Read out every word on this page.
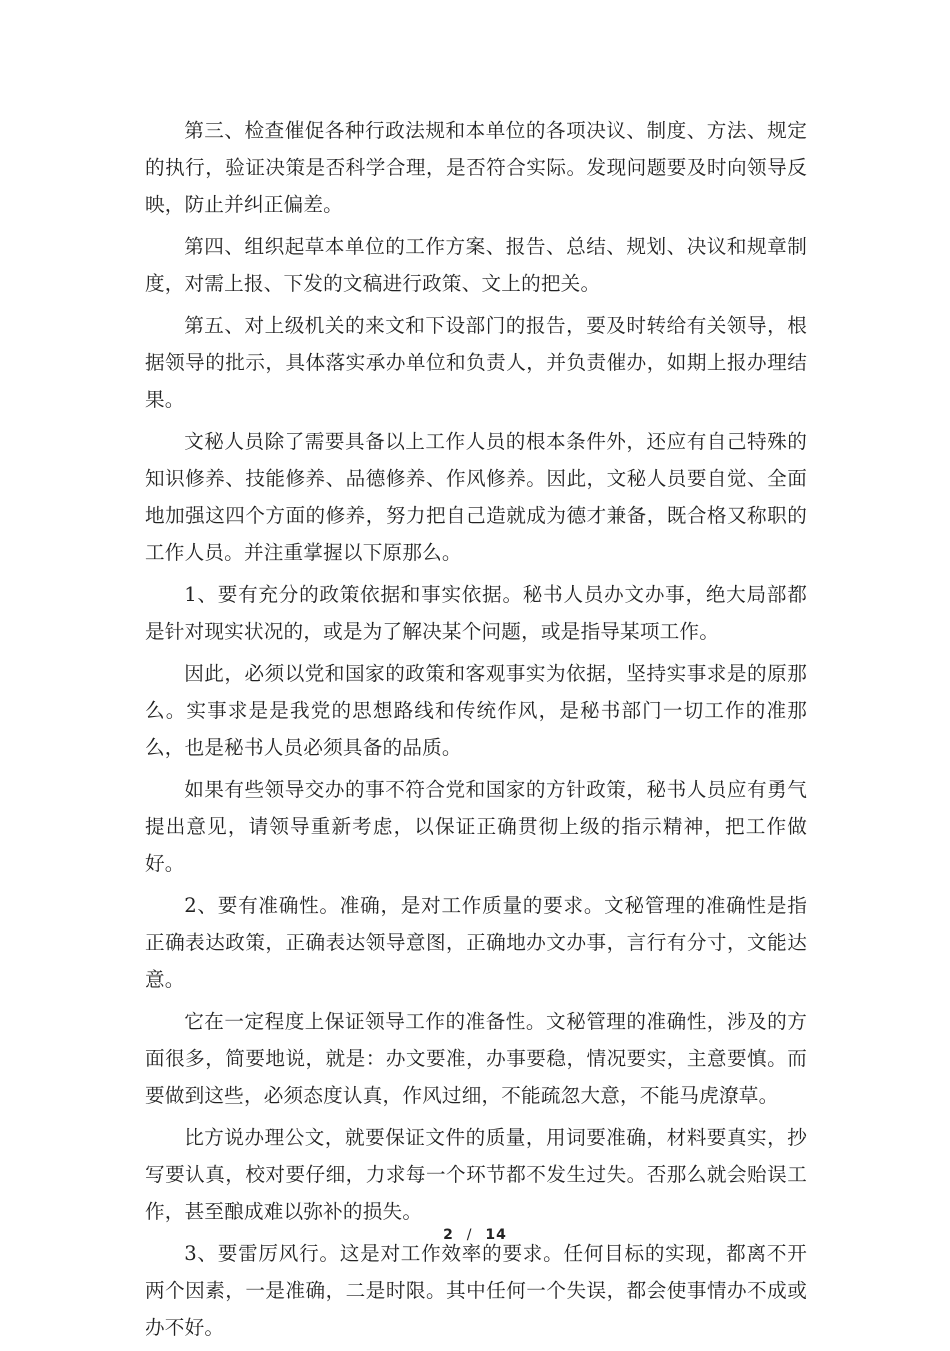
第三、检查催促各种行政法规和本单位的各项决议、制度、方法、规定的执行，验证决策是否科学合理，是否符合实际。发现问题要及时向领导反映，防止并纠正偏差。

第四、组织起草本单位的工作方案、报告、总结、规划、决议和规章制度，对需上报、下发的文稿进行政策、文上的把关。

第五、对上级机关的来文和下设部门的报告，要及时转给有关领导，根据领导的批示，具体落实承办单位和负责人，并负责催办，如期上报办理结果。

文秘人员除了需要具备以上工作人员的根本条件外，还应有自己特殊的知识修养、技能修养、品德修养、作风修养。因此，文秘人员要自觉、全面地加强这四个方面的修养，努力把自己造就成为德才兼备，既合格又称职的工作人员。并注重掌握以下原那么。

1、要有充分的政策依据和事实依据。秘书人员办文办事，绝大局部都是针对现实状况的，或是为了解决某个问题，或是指导某项工作。

因此，必须以党和国家的政策和客观事实为依据，坚持实事求是的原那么。实事求是是我党的思想路线和传统作风，是秘书部门一切工作的准那么，也是秘书人员必须具备的品质。

如果有些领导交办的事不符合党和国家的方针政策，秘书人员应有勇气提出意见，请领导重新考虑，以保证正确贯彻上级的指示精神，把工作做好。

2、要有准确性。准确，是对工作质量的要求。文秘管理的准确性是指正确表达政策，正确表达领导意图，正确地办文办事，言行有分寸，文能达意。

它在一定程度上保证领导工作的准备性。文秘管理的准确性，涉及的方面很多，简要地说，就是：办文要准，办事要稳，情况要实，主意要慎。而要做到这些，必须态度认真，作风过细，不能疏忽大意，不能马虎潦草。

比方说办理公文，就要保证文件的质量，用词要准确，材料要真实，抄写要认真，校对要仔细，力求每一个环节都不发生过失。否那么就会贻误工作，甚至酿成难以弥补的损失。

3、要雷厉风行。这是对工作效率的要求。任何目标的实现，都离不开两个因素，一是准确，二是时限。其中任何一个失误，都会使事情办不成或办不好。

2 / 14
